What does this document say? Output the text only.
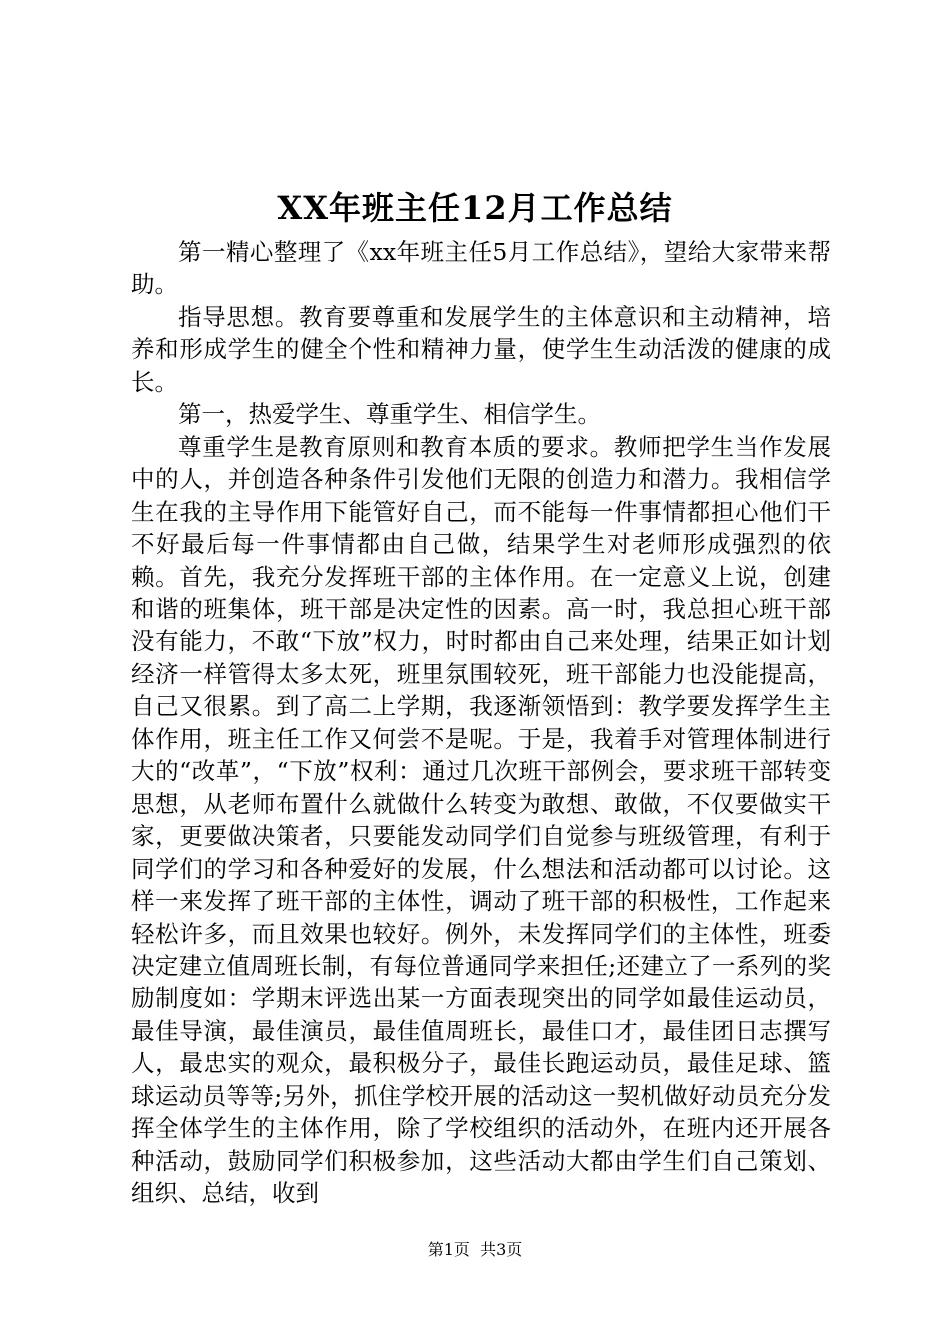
XX年班主任12月工作总结

第一精心整理了《xx年班主任5月工作总结》，望给大家带来帮助。

指导思想。教育要尊重和发展学生的主体意识和主动精神，培养和形成学生的健全个性和精神力量，使学生生动活泼的健康的成长。

第一，热爱学生、尊重学生、相信学生。

尊重学生是教育原则和教育本质的要求。教师把学生当作发展中的人，并创造各种条件引发他们无限的创造力和潜力。我相信学生在我的主导作用下能管好自己，而不能每一件事情都担心他们干不好最后每一件事情都由自己做，结果学生对老师形成强烈的依赖。首先，我充分发挥班干部的主体作用。在一定意义上说，创建和谐的班集体，班干部是决定性的因素。高一时，我总担心班干部没有能力，不敢“下放”权力，时时都由自己来处理，结果正如计划经济一样管得太多太死，班里氛围较死，班干部能力也没能提高，自己又很累。到了高二上学期，我逐渐领悟到：教学要发挥学生主体作用，班主任工作又何尝不是呢。于是，我着手对管理体制进行大的“改革”，“下放”权利：通过几次班干部例会，要求班干部转变思想，从老师布置什么就做什么转变为敢想、敢做，不仅要做实干家，更要做决策者，只要能发动同学们自觉参与班级管理，有利于同学们的学习和各种爱好的发展，什么想法和活动都可以讨论。这样一来发挥了班干部的主体性，调动了班干部的积极性，工作起来轻松许多，而且效果也较好。例外，未发挥同学们的主体性，班委决定建立值周班长制，有每位普通同学来担任;还建立了一系列的奖励制度如：学期末评选出某一方面表现突出的同学如最佳运动员，最佳导演，最佳演员，最佳值周班长，最佳口才，最佳团日志撰写人，最忠实的观众，最积极分子，最佳长跑运动员，最佳足球、篮球运动员等等;另外，抓住学校开展的活动这一契机做好动员充分发挥全体学生的主体作用，除了学校组织的活动外，在班内还开展各种活动，鼓励同学们积极参加，这些活动大都由学生们自己策划、组织、总结，收到

第1页  共3页
